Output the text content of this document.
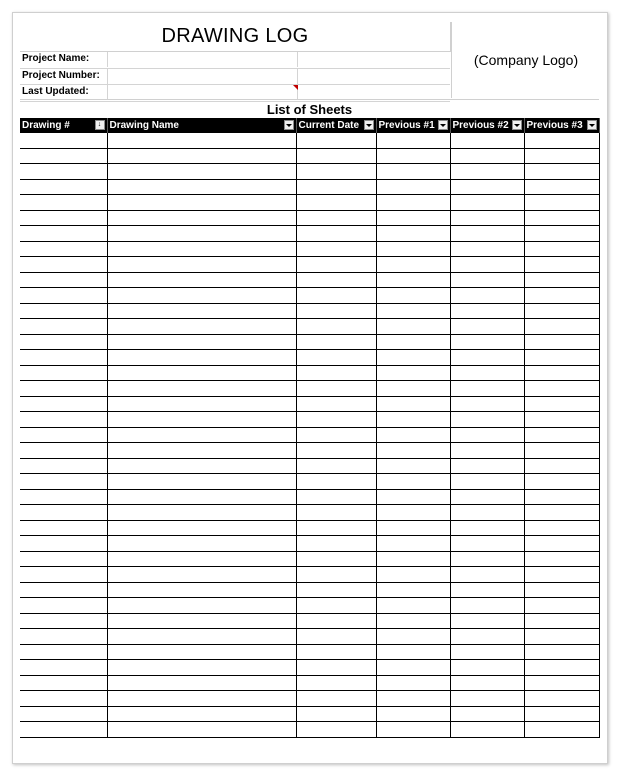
DRAWING LOG
(Company Logo)
Project Name:
Project Number:
Last Updated:
List of Sheets
Drawing # ↓	Drawing Name	Current Date	Previous #1	Previous #2	Previous #3
